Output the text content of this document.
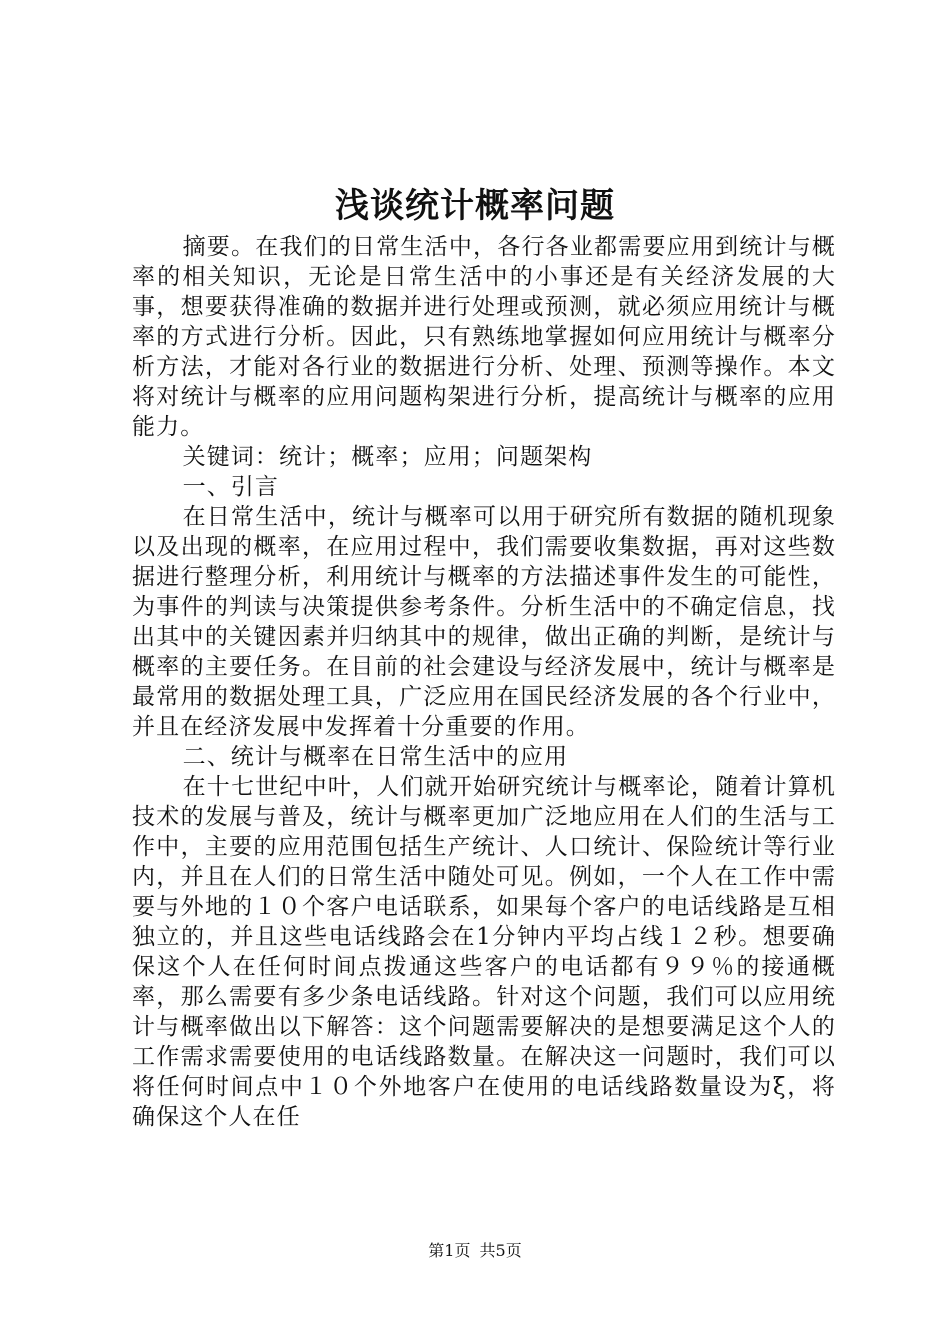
浅谈统计概率问题

摘要。在我们的日常生活中，各行各业都需要应用到统计与概率的相关知识，无论是日常生活中的小事还是有关经济发展的大事，想要获得准确的数据并进行处理或预测，就必须应用统计与概率的方式进行分析。因此，只有熟练地掌握如何应用统计与概率分析方法，才能对各行业的数据进行分析、处理、预测等操作。本文将对统计与概率的应用问题构架进行分析，提高统计与概率的应用能力。

关键词：统计；概率；应用；问题架构

一、引言

在日常生活中，统计与概率可以用于研究所有数据的随机现象以及出现的概率，在应用过程中，我们需要收集数据，再对这些数据进行整理分析，利用统计与概率的方法描述事件发生的可能性，为事件的判读与决策提供参考条件。分析生活中的不确定信息，找出其中的关键因素并归纳其中的规律，做出正确的判断，是统计与概率的主要任务。在目前的社会建设与经济发展中，统计与概率是最常用的数据处理工具，广泛应用在国民经济发展的各个行业中，并且在经济发展中发挥着十分重要的作用。

二、统计与概率在日常生活中的应用

在十七世纪中叶，人们就开始研究统计与概率论，随着计算机技术的发展与普及，统计与概率更加广泛地应用在人们的生活与工作中，主要的应用范围包括生产统计、人口统计、保险统计等行业内，并且在人们的日常生活中随处可见。例如，一个人在工作中需要与外地的１０个客户电话联系，如果每个客户的电话线路是互相独立的，并且这些电话线路会在1分钟内平均占线１２秒。想要确保这个人在任何时间点拨通这些客户的电话都有９９％的接通概率，那么需要有多少条电话线路。针对这个问题，我们可以应用统计与概率做出以下解答：这个问题需要解决的是想要满足这个人的工作需求需要使用的电话线路数量。在解决这一问题时，我们可以将任何时间点中１０个外地客户在使用的电话线路数量设为ξ，将确保这个人在任

第1页 共5页
